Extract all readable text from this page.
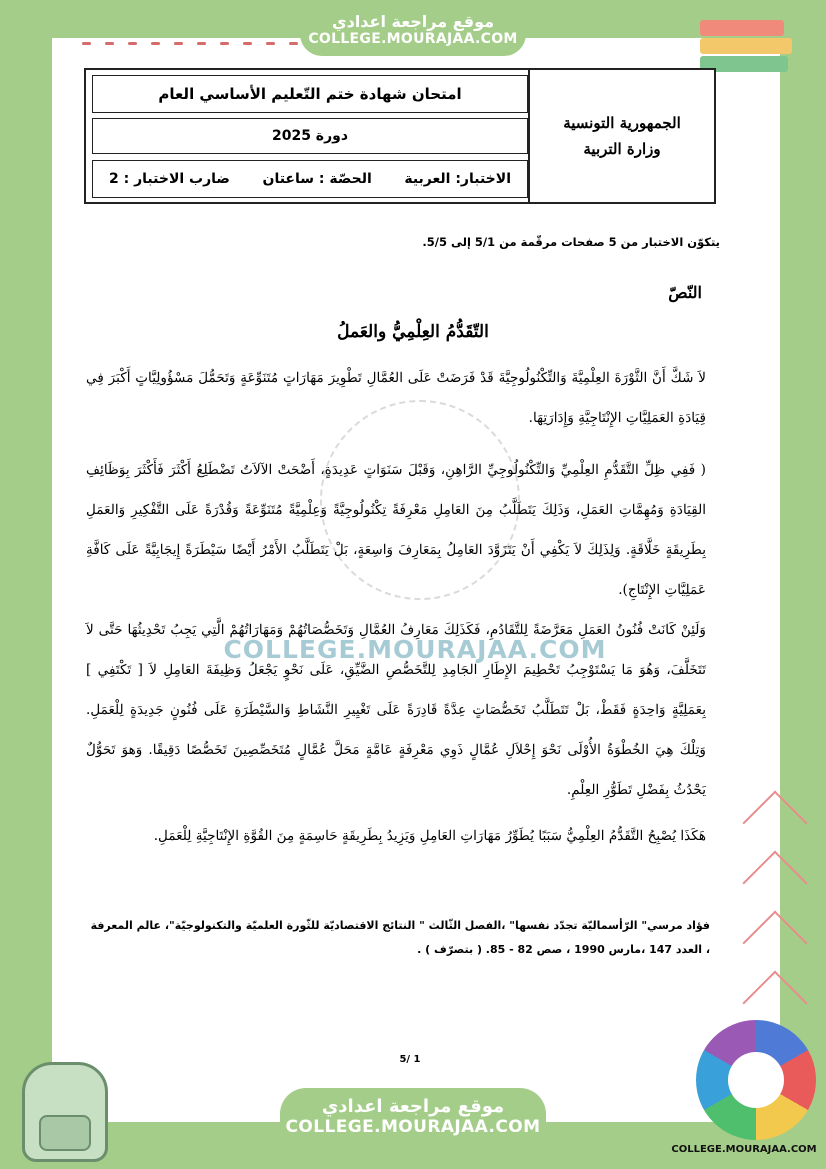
موقع مراجعة اعدادي
COLLEGE.MOURAJAA.COM
الجمهورية التونسية
وزارة التربية
امتحان شهادة ختم التّعليم الأساسي العام
دورة 2025
الاختبار: العربية
الحصّة : ساعتان
ضارب الاختبار : 2
يتكوّن الاختبار من 5 صفحات مرقّمة من 5/1 إلى 5/5.
النّصّ
التّقَدُّمُ العِلْمِيُّ والعَملُ
COLLEGE.MOURAJAA.COM
لاَ شَكَّ أَنَّ الثَّوْرَةَ العِلْمِيَّةَ وَالتِّكْنُولُوجِيَّةَ قَدْ فَرَضَتْ عَلَى العُمَّالِ تَطْوِيرَ مَهَارَاتٍ مُتَنَوِّعَةٍ وَتَحَمُّلَ مَسْؤُولِيَّاتٍ أَكْبَرَ فِي قِيَادَةِ العَمَلِيَّاتِ الإِنْتَاجِيَّةِ وَإِدَارَتِهَا.
( فَفِي ظِلِّ التَّقَدُّمِ العِلْمِيِّ وَالتِّكْنُولُوجِيِّ الرَّاهِنِ، وَقَبْلَ سَنَوَاتٍ عَدِيدَةٍ، أَضْحَتْ الآلاَتُ تَضْطَلِعُ أَكْثَرَ فَأَكْثَرَ بِوَظَائِفِ القِيَادَةِ وَمُهِمَّاتِ العَمَلِ، وَذَلِكَ يَتَطَلَّبُ مِنَ العَامِلِ مَعْرِفَةً تِكْنُولُوجِيَّةً وَعِلْمِيَّةً مُتَنَوِّعَةً وَقُدْرَةً عَلَى التَّفْكِيرِ وَالعَمَلِ بِطَرِيقَةٍ خَلَّاقَةٍ. وَلِذَلِكَ لاَ يَكْفِي أَنْ يَتَزَوَّدَ العَامِلُ بِمَعَارِفَ وَاسِعَةٍ، بَلْ يَتَطَلَّبُ الأَمْرُ أَيْضًا سَيْطَرَةً إِيجَابِيَّةً عَلَى كَافَّةِ عَمَلِيَّاتِ الإِنْتَاجِ).
وَلَئِنْ كَانَتْ فُنُونُ العَمَلِ مَعَرَّضَةً لِلتَّقَادُمِ، فَكَذَلِكَ مَعَارِفُ العُمَّالِ وَتَخَصُّصَاتُهُمْ وَمَهَارَاتُهُمْ الَّتِي يَجِبُ تَحْدِيثُهَا حَتَّى لاَ تَتَخَلَّفَ، وَهُوَ مَا يَسْتَوْجِبُ تَحْطِيمَ الإِطَارِ الجَامِدِ لِلتَّخَصُّصِ الضَّيِّقِ، عَلَى نَحْوٍ يَجْعَلُ وَظِيفَةَ العَامِلِ لاَ [ تَكْتَفِي ] بِعَمَلِيَّةٍ وَاحِدَةٍ فَقَطْ، بَلْ تَتَطَلَّبُ تَخَصُّصَاتٍ عِدَّةً قَادِرَةً عَلَى تَغْيِيرِ النَّشَاطِ وَالسَّيْطَرَةِ عَلَى فُنُونٍ جَدِيدَةٍ لِلْعَمَلِ. وَتِلْكَ هِيَ الخُطْوَةُ الأُوْلَى نَحْوَ إِحْلاَلِ عُمَّالٍ ذَوِي مَعْرِفَةٍ عَامَّةٍ مَحَلَّ عُمَّالٍ مُتَخَصِّصِينَ تَخَصُّصًا دَقِيقًا. وَهوَ تَحَوُّلٌ يَحْدُثُ بِفَضْلِ تَطَوُّرِ العِلْمِ.
هَكَذَا يُصْبِحُ التَّقَدُّمُ العِلْمِيُّ سَبَبًا يُطَوِّرُ مَهَارَاتِ العَامِلِ وَيَزِيدُ بِطَرِيقَةٍ حَاسِمَةٍ مِنَ القُوَّةِ الإِنْتَاجِيَّةِ لِلْعَمَلِ.
فؤاد مرسي" الرّأسماليّة تجدّد نفسها" ،الفصل الثّالث " النتائج الاقتصاديّة للثّورة العلميّة والتكنولوجيّة"، عالم المعرفة ، العدد 147 ،مارس 1990 ، صص 82 - 85. ( بتصرّف ) .
5/ 1
موقع مراجعة اعدادي
COLLEGE.MOURAJAA.COM
COLLEGE.MOURAJAA.COM
